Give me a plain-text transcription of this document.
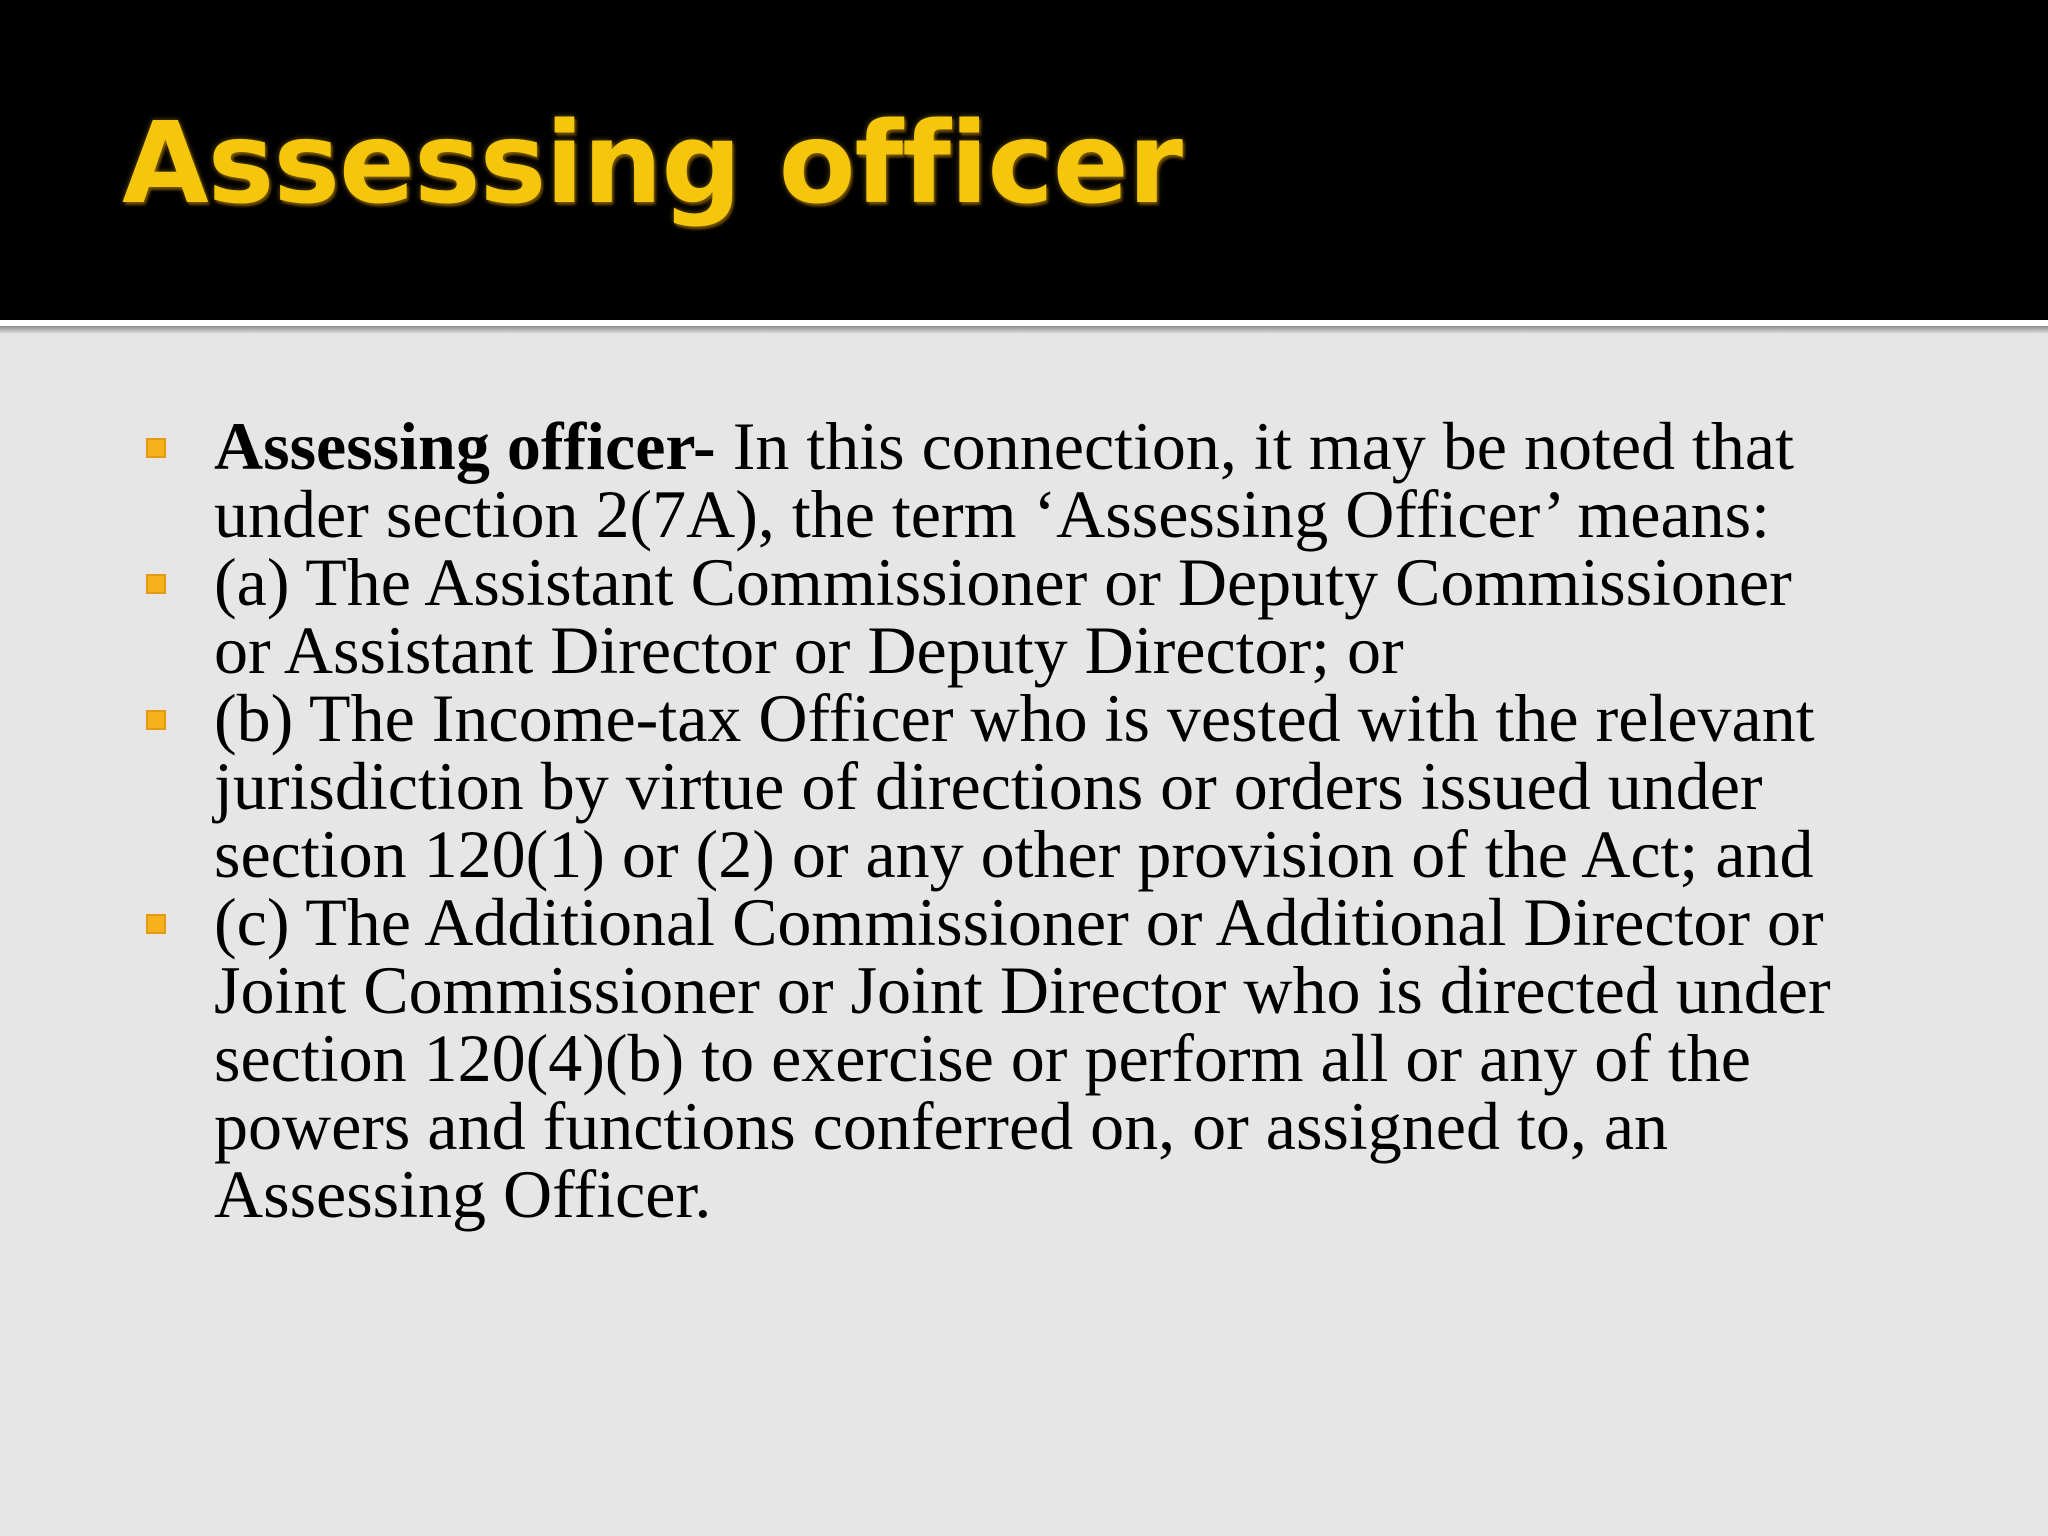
Assessing officer
Assessing officer- In this connection, it may be noted that
under section 2(7A), the term ‘Assessing Officer’ means:
(a) The Assistant Commissioner or Deputy Commissioner
or Assistant Director or Deputy Director; or
(b) The Income-tax Officer who is vested with the relevant
jurisdiction by virtue of directions or orders issued under
section 120(1) or (2) or any other provision of the Act; and
(c) The Additional Commissioner or Additional Director or
Joint Commissioner or Joint Director who is directed under
section 120(4)(b) to exercise or perform all or any of the
powers and functions conferred on, or assigned to, an
Assessing Officer.
